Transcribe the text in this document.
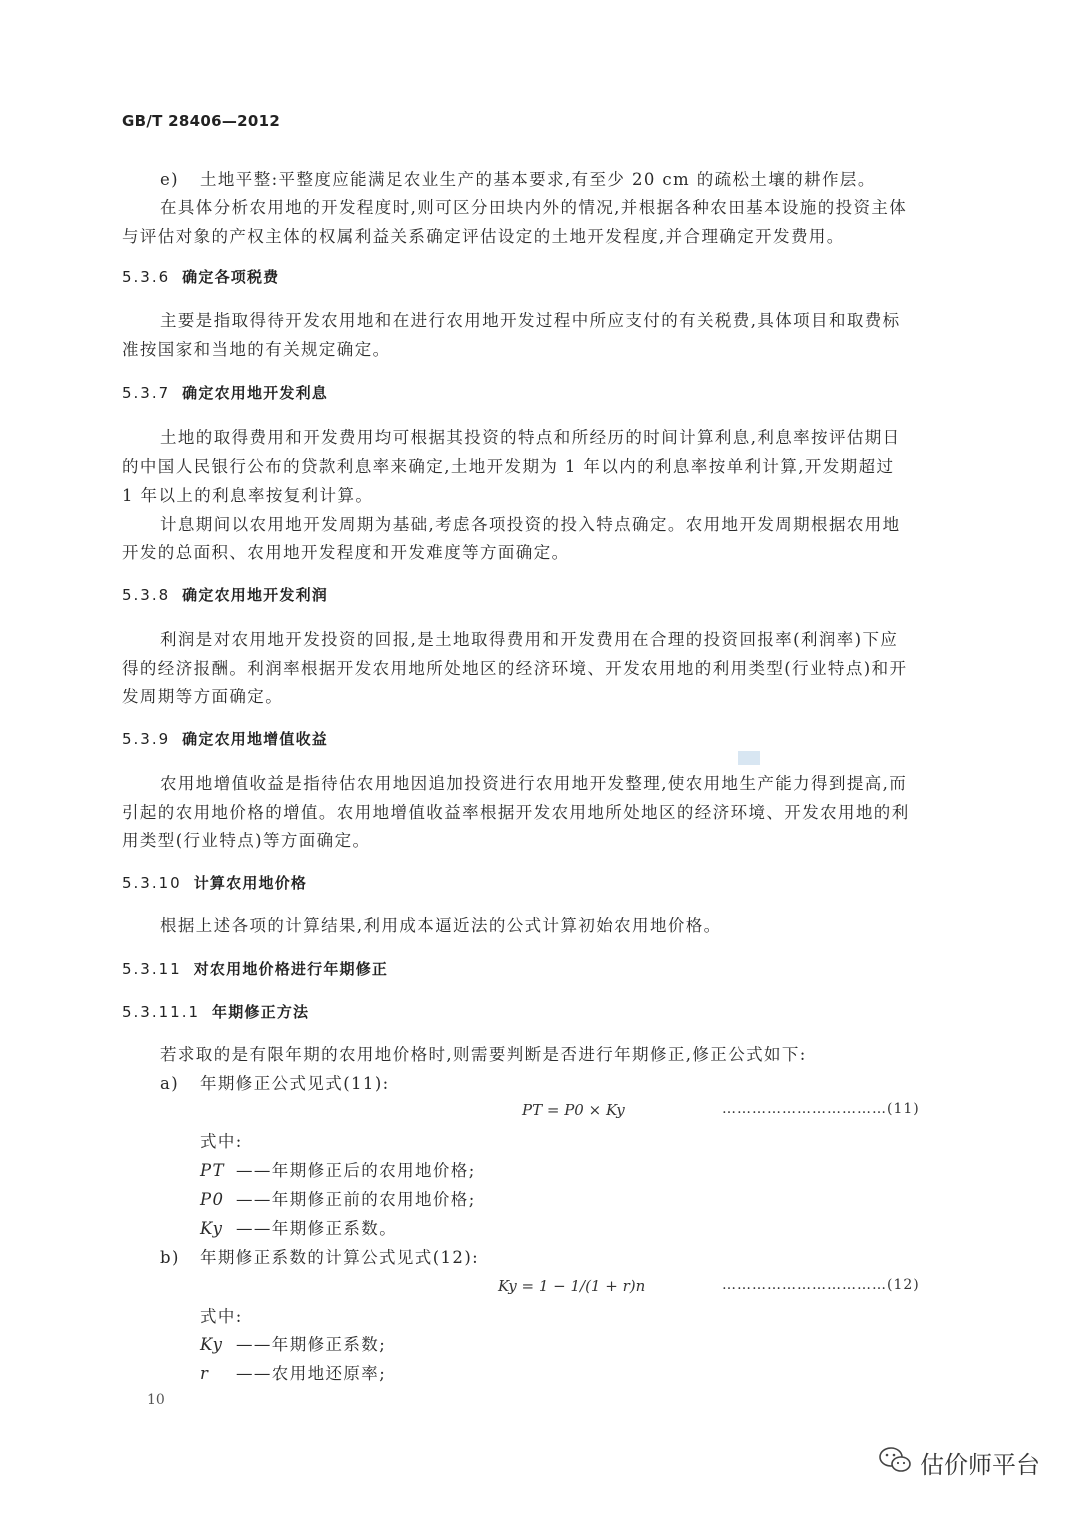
GB/T 28406—2012
e) 土地平整:平整度应能满足农业生产的基本要求,有至少 20 cm 的疏松土壤的耕作层。
在具体分析农用地的开发程度时,则可区分田块内外的情况,并根据各种农田基本设施的投资主体
与评估对象的产权主体的权属利益关系确定评估设定的土地开发程度,并合理确定开发费用。
5.3.6 确定各项税费
主要是指取得待开发农用地和在进行农用地开发过程中所应支付的有关税费,具体项目和取费标
准按国家和当地的有关规定确定。
5.3.7 确定农用地开发利息
土地的取得费用和开发费用均可根据其投资的特点和所经历的时间计算利息,利息率按评估期日
的中国人民银行公布的贷款利息率来确定,土地开发期为 1 年以内的利息率按单利计算,开发期超过
1 年以上的利息率按复利计算。
计息期间以农用地开发周期为基础,考虑各项投资的投入特点确定。农用地开发周期根据农用地
开发的总面积、农用地开发程度和开发难度等方面确定。
5.3.8 确定农用地开发利润
利润是对农用地开发投资的回报,是土地取得费用和开发费用在合理的投资回报率(利润率)下应
得的经济报酬。利润率根据开发农用地所处地区的经济环境、开发农用地的利用类型(行业特点)和开
发周期等方面确定。
5.3.9 确定农用地增值收益
农用地增值收益是指待估农用地因追加投资进行农用地开发整理,使农用地生产能力得到提高,而
引起的农用地价格的增值。农用地增值收益率根据开发农用地所处地区的经济环境、开发农用地的利
用类型(行业特点)等方面确定。
5.3.10 计算农用地价格
根据上述各项的计算结果,利用成本逼近法的公式计算初始农用地价格。
5.3.11 对农用地价格进行年期修正
5.3.11.1 年期修正方法
若求取的是有限年期的农用地价格时,则需要判断是否进行年期修正,修正公式如下:
a) 年期修正公式见式(11):
PT = P0 × Ky	……………………………(11)
式中:
PT ——年期修正后的农用地价格;
P0 ——年期修正前的农用地价格;
Ky ——年期修正系数。
b) 年期修正系数的计算公式见式(12):
Ky = 1 − 1/(1 + r)n	……………………………(12)
式中:
Ky ——年期修正系数;
r ——农用地还原率;
10
估价师平台
